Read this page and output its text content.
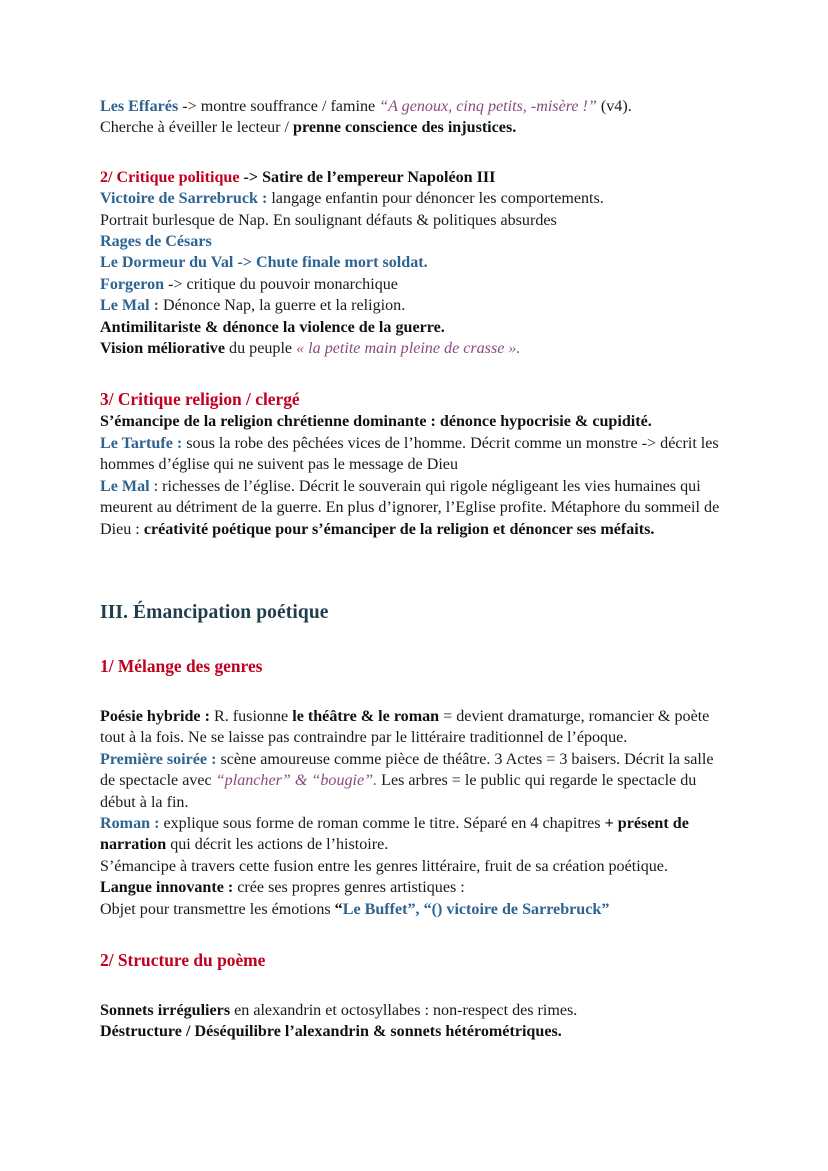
Les Effarés -> montre souffrance / famine “A genoux, cinq petits, -misère !” (v4).

Cherche à éveiller le lecteur / prenne conscience des injustices.

2/ Critique politique -> Satire de l’empereur Napoléon III

Victoire de Sarrebruck : langage enfantin pour dénoncer les comportements.

Portrait burlesque de Nap. En soulignant défauts & politiques absurdes

Rages de Césars

Le Dormeur du Val -> Chute finale mort soldat.

Forgeron -> critique du pouvoir monarchique

Le Mal : Dénonce Nap, la guerre et la religion.

Antimilitariste & dénonce la violence de la guerre.

Vision méliorative du peuple « la petite main pleine de crasse ».

3/ Critique religion / clergé

S’émancipe de la religion chrétienne dominante : dénonce hypocrisie & cupidité.

Le Tartufe : sous la robe des pêchées vices de l’homme. Décrit comme un monstre -> décrit les hommes d’église qui ne suivent pas le message de Dieu

Le Mal : richesses de l’église. Décrit le souverain qui rigole négligeant les vies humaines qui meurent au détriment de la guerre. En plus d’ignorer, l’Eglise profite. Métaphore du sommeil de Dieu : créativité poétique pour s’émanciper de la religion et dénoncer ses méfaits.

III. Émancipation poétique
1/ Mélange des genres

Poésie hybride : R. fusionne le théâtre & le roman = devient dramaturge, romancier & poète tout à la fois. Ne se laisse pas contraindre par le littéraire traditionnel de l’époque.

Première soirée : scène amoureuse comme pièce de théâtre. 3 Actes = 3 baisers. Décrit la salle de spectacle avec “plancher” & “bougie”. Les arbres = le public qui regarde le spectacle du début à la fin.

Roman : explique sous forme de roman comme le titre. Séparé en 4 chapitres + présent de narration qui décrit les actions de l’histoire.

S’émancipe à travers cette fusion entre les genres littéraire, fruit de sa création poétique.

Langue innovante : crée ses propres genres artistiques :

Objet pour transmettre les émotions “Le Buffet”, “() victoire de Sarrebruck”

2/ Structure du poème

Sonnets irréguliers en alexandrin et octosyllabes : non-respect des rimes.

Déstructure / Déséquilibre l’alexandrin & sonnets hétérométriques.
